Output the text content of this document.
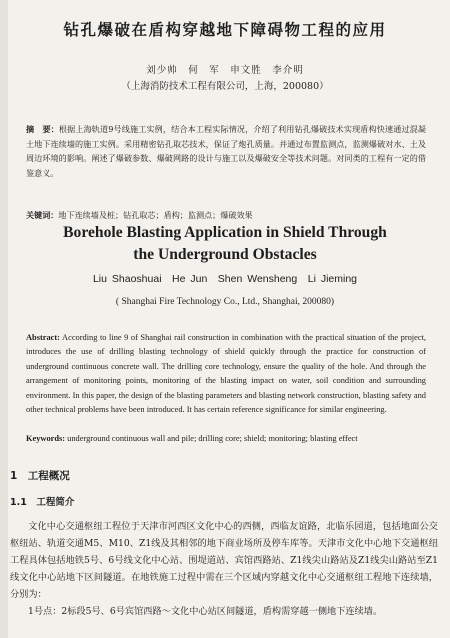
钻孔爆破在盾构穿越地下障碍物工程的应用
刘少帅　何　军　申文胜　李介明
（上海消防技术工程有限公司，上海，200080）
摘　要：根据上海轨道9号线施工实例，结合本工程实际情况，介绍了利用钻孔爆破技术实现盾构快速通过混凝土地下连续墙的施工实例。采用精密钻孔取芯技术，保证了炮孔质量。并通过布置监测点，监测爆破对水、土及周边环境的影响。阐述了爆破参数、爆破网路的设计与施工以及爆破安全等技术问题。对同类的工程有一定的借鉴意义。
关键词：地下连续墙及桩；钻孔取芯；盾构；监测点；爆破效果
Borehole Blasting Application in Shield Through the Underground Obstacles
Liu Shaoshuai　He Jun　Shen Wensheng　Li Jieming
( Shanghai Fire Technology Co., Ltd., Shanghai, 200080)
Abstract: According to line 9 of Shanghai rail construction in combination with the practical situation of the project, introduces the use of drilling blasting technology of shield quickly through the practice for construction of underground continuous concrete wall. The drilling core technology, ensure the quality of the hole. And through the arrangement of monitoring points, monitoring of the blasting impact on water, soil condition and surrounding environment. In this paper, the design of the blasting parameters and blasting network construction, blasting safety and other technical problems have been introduced. It has certain reference significance for similar engineering.
Keywords: underground continuous wall and pile; drilling core; shield; monitoring; blasting effect
1　工程概况
1.1　工程简介
文化中心交通枢纽工程位于天津市河西区文化中心的西侧，西临友谊路，北临乐园道，包括地面公交枢纽站、轨道交通M5、M10、Z1线及其相邻的地下商业场所及停车库等。天津市文化中心地下交通枢纽工程具体包括地铁5号、6号线文化中心站、围堤道站、宾馆西路站、Z1线尖山路站及Z1线尖山路站至Z1线文化中心站地下区间隧道。在地铁施工过程中需在三个区域内穿越文化中心交通枢纽工程地下连续墙，分别为：
1号点：2标段5号、6号宾馆西路～文化中心站区间隧道，盾构需穿越一侧地下连续墙。
